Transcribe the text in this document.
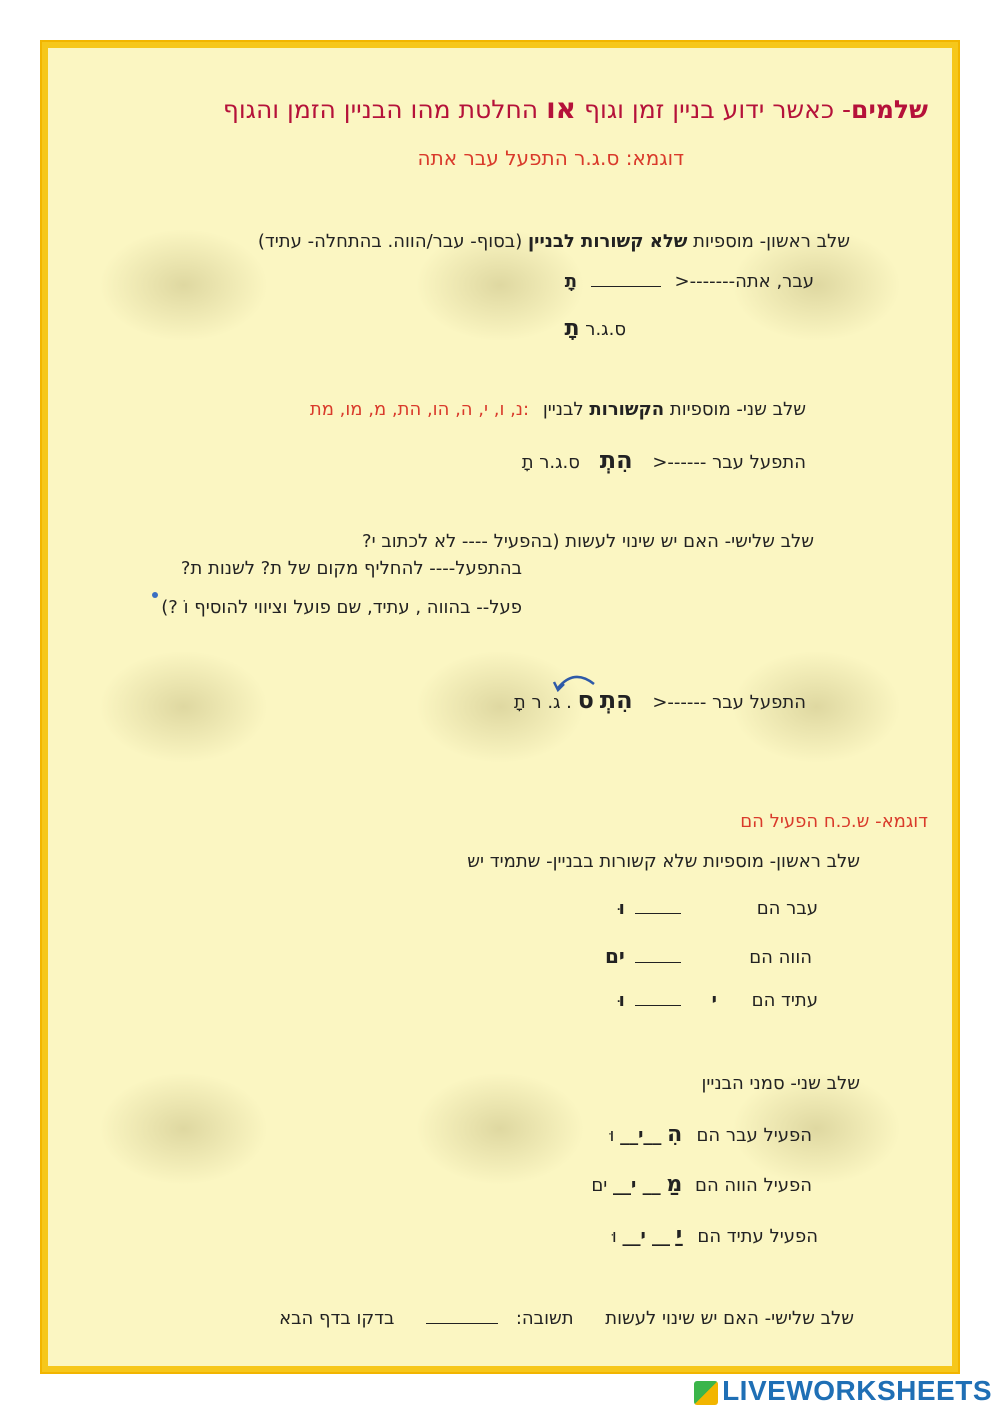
שלמים- כאשר ידוע בניין זמן וגוף או החלטת מהו הבניין הזמן והגוף
דוגמא: ס.ג.ר התפעל עבר אתה
שלב ראשון- מוספיות שלא קשורות לבניין (בסוף- עבר/הווה. בהתחלה- עתיד)
עבר, אתה-------<  תָ
ס.ג.ר תָ
שלב שני- מוספיות הקשורות לבניין :נ, ו, י, ה, הו, הת, מ, מו, מת
התפעל עבר ------< הִתְ ס.ג.ר תָ
שלב שלישי- האם יש שינוי לעשות (בהפעיל ---- לא לכתוב י?
בהתפעל---- להחליף מקום של ת? לשנות ת?
פעל-- בהווה , עתיד, שם פועל וציווי להוסיף וֹ ?)
התפעל עבר ------< הִתְ ס . ג. ר תָ
דוגמא- ש.כ.ח הפעיל הם
שלב ראשון- מוספיות שלא קשורות בבניין- שתמיד יש
עבר הם   וּ
הווה הם   ים
עתיד הם י  וּ
שלב שני- סמני הבניין
הפעיל עבר הם הִ __י__ וּ
הפעיל הווה הם מַ __ י__ ים
הפעיל עתיד הם יַ __ י__ וּ
שלב שלישי- האם יש שינוי לעשות תשובה:  בדקו בדף הבא
LIVEWORKSHEETS
